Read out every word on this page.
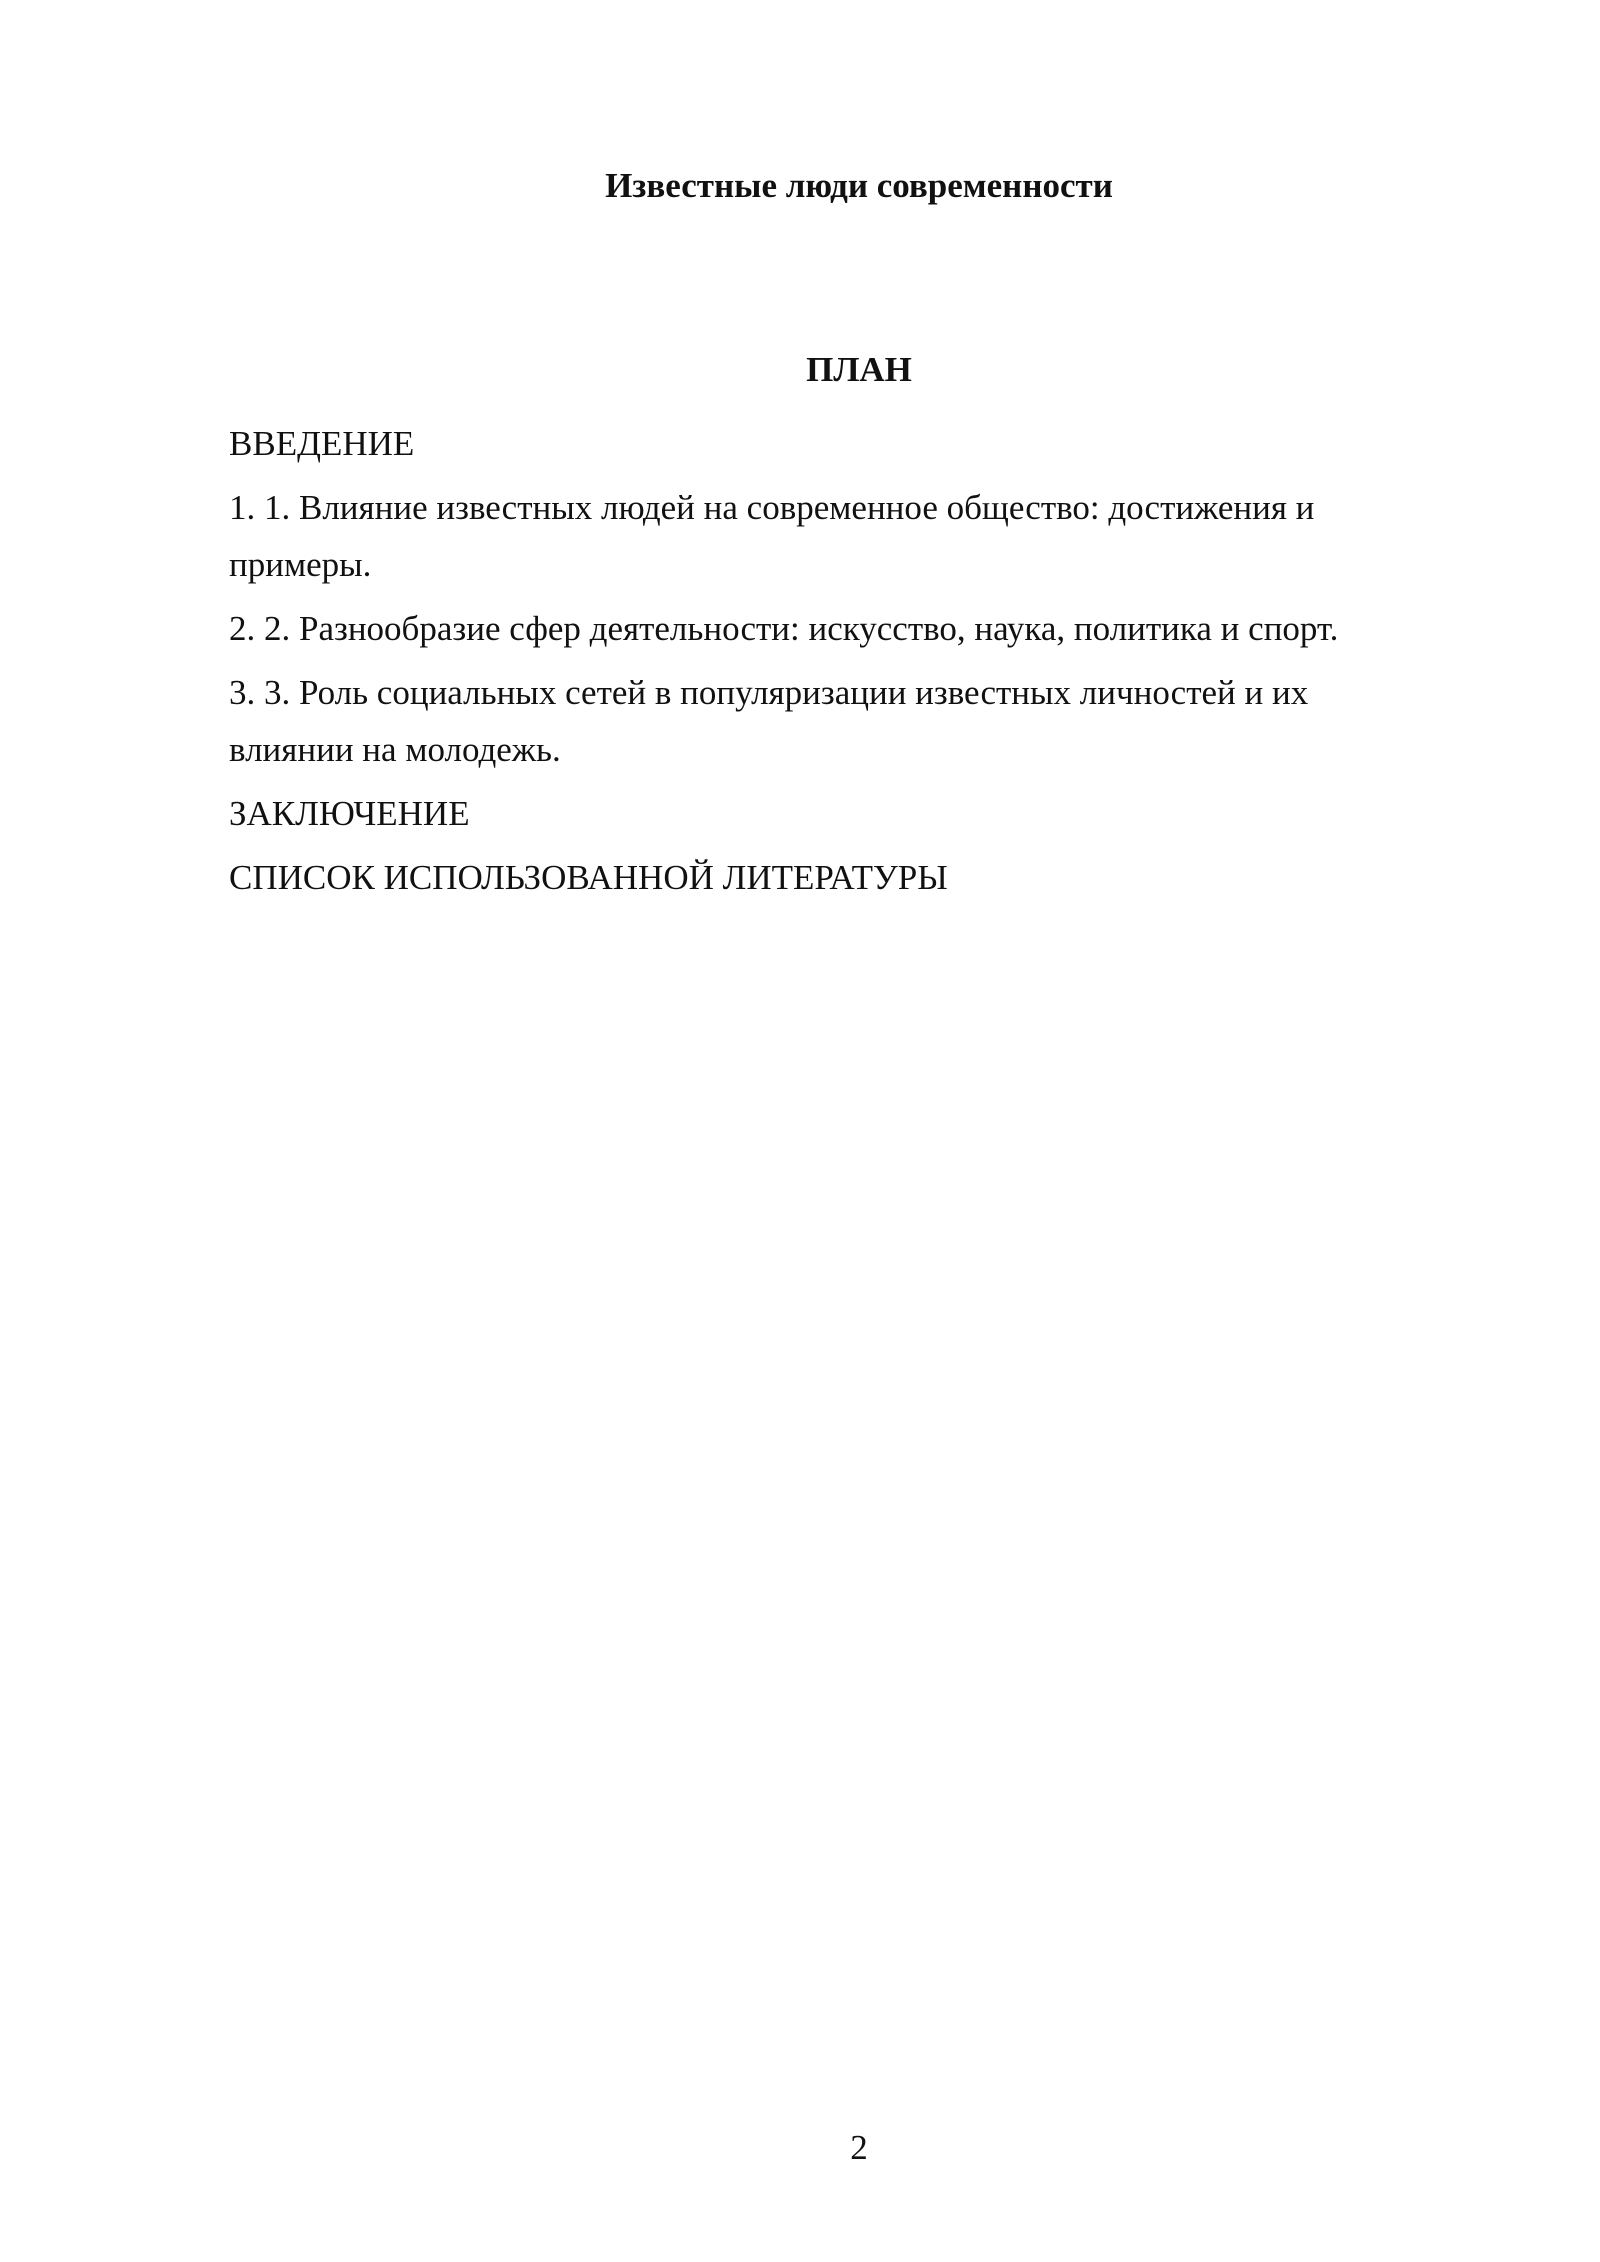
Известные люди современности
ПЛАН
ВВЕДЕНИЕ
1. 1. Влияние известных людей на современное общество: достижения и примеры.
2. 2. Разнообразие сфер деятельности: искусство, наука, политика и спорт.
3. 3. Роль социальных сетей в популяризации известных личностей и их влиянии на молодежь.
ЗАКЛЮЧЕНИЕ
СПИСОК ИСПОЛЬЗОВАННОЙ ЛИТЕРАТУРЫ
2
